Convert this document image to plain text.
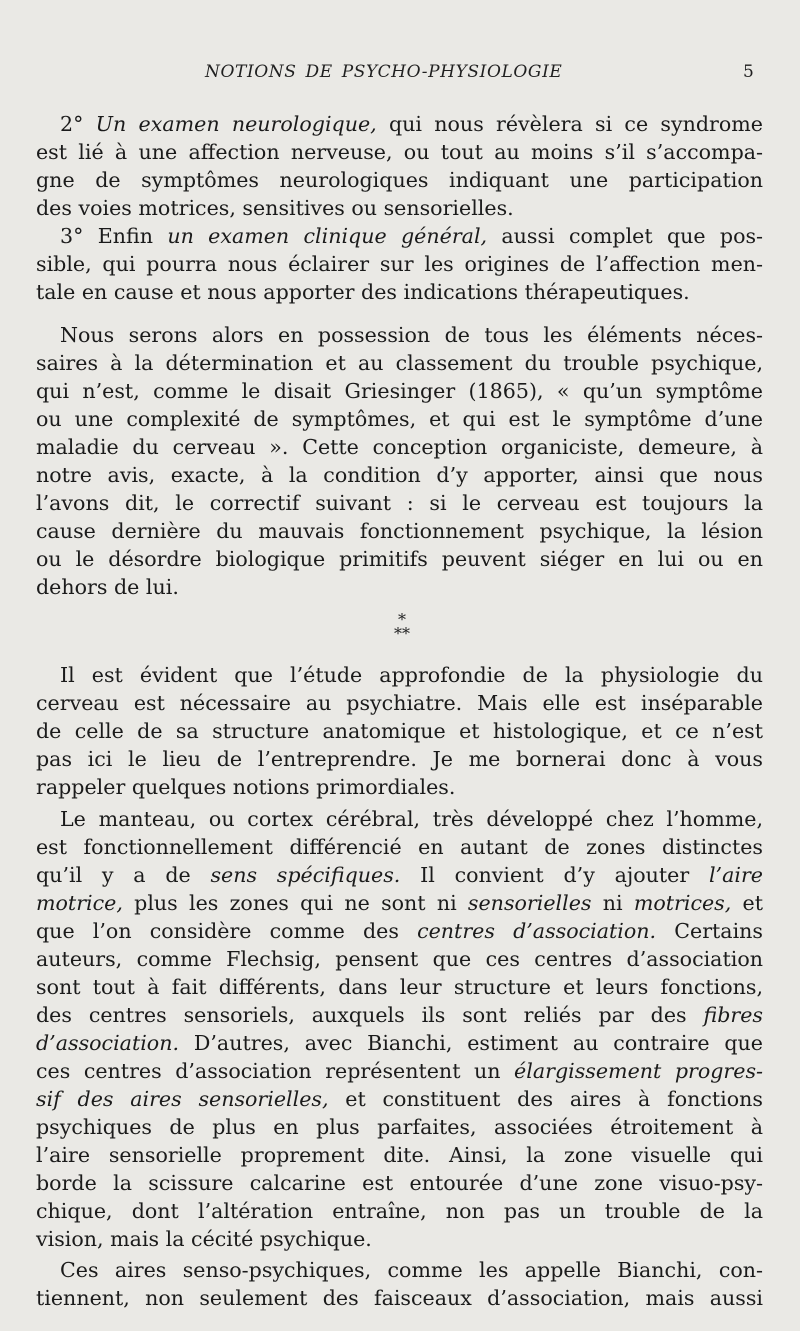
NOTIONS DE PSYCHO-PHYSIOLOGIE	5
2° Un examen neurologique, qui nous révèlera si ce syndrome
est lié à une affection nerveuse, ou tout au moins s’il s’accompa-
gne de symptômes neurologiques indiquant une participation
des voies motrices, sensitives ou sensorielles.
3° Enfin un examen clinique général, aussi complet que pos-
sible, qui pourra nous éclairer sur les origines de l’affection men-
tale en cause et nous apporter des indications thérapeutiques.
Nous serons alors en possession de tous les éléments néces-
saires à la détermination et au classement du trouble psychique,
qui n’est, comme le disait Griesinger (1865), « qu’un symptôme
ou une complexité de symptômes, et qui est le symptôme d’une
maladie du cerveau ». Cette conception organiciste, demeure, à
notre avis, exacte, à la condition d’y apporter, ainsi que nous
l’avons dit, le correctif suivant : si le cerveau est toujours la
cause dernière du mauvais fonctionnement psychique, la lésion
ou le désordre biologique primitifs peuvent siéger en lui ou en
dehors de lui.
Il est évident que l’étude approfondie de la physiologie du
cerveau est nécessaire au psychiatre. Mais elle est inséparable
de celle de sa structure anatomique et histologique, et ce n’est
pas ici le lieu de l’entreprendre. Je me bornerai donc à vous
rappeler quelques notions primordiales.
Le manteau, ou cortex cérébral, très développé chez l’homme,
est fonctionnellement différencié en autant de zones distinctes
qu’il y a de sens spécifiques. Il convient d’y ajouter l’aire
motrice, plus les zones qui ne sont ni sensorielles ni motrices, et
que l’on considère comme des centres d’association. Certains
auteurs, comme Flechsig, pensent que ces centres d’association
sont tout à fait différents, dans leur structure et leurs fonctions,
des centres sensoriels, auxquels ils sont reliés par des fibres
d’association. D’autres, avec Bianchi, estiment au contraire que
ces centres d’association représentent un élargissement progres-
sif des aires sensorielles, et constituent des aires à fonctions
psychiques de plus en plus parfaites, associées étroitement à
l’aire sensorielle proprement dite. Ainsi, la zone visuelle qui
borde la scissure calcarine est entourée d’une zone visuo-psy-
chique, dont l’altération entraîne, non pas un trouble de la
vision, mais la cécité psychique.
Ces aires senso-psychiques, comme les appelle Bianchi, con-
tiennent, non seulement des faisceaux d’association, mais aussi
*
**
